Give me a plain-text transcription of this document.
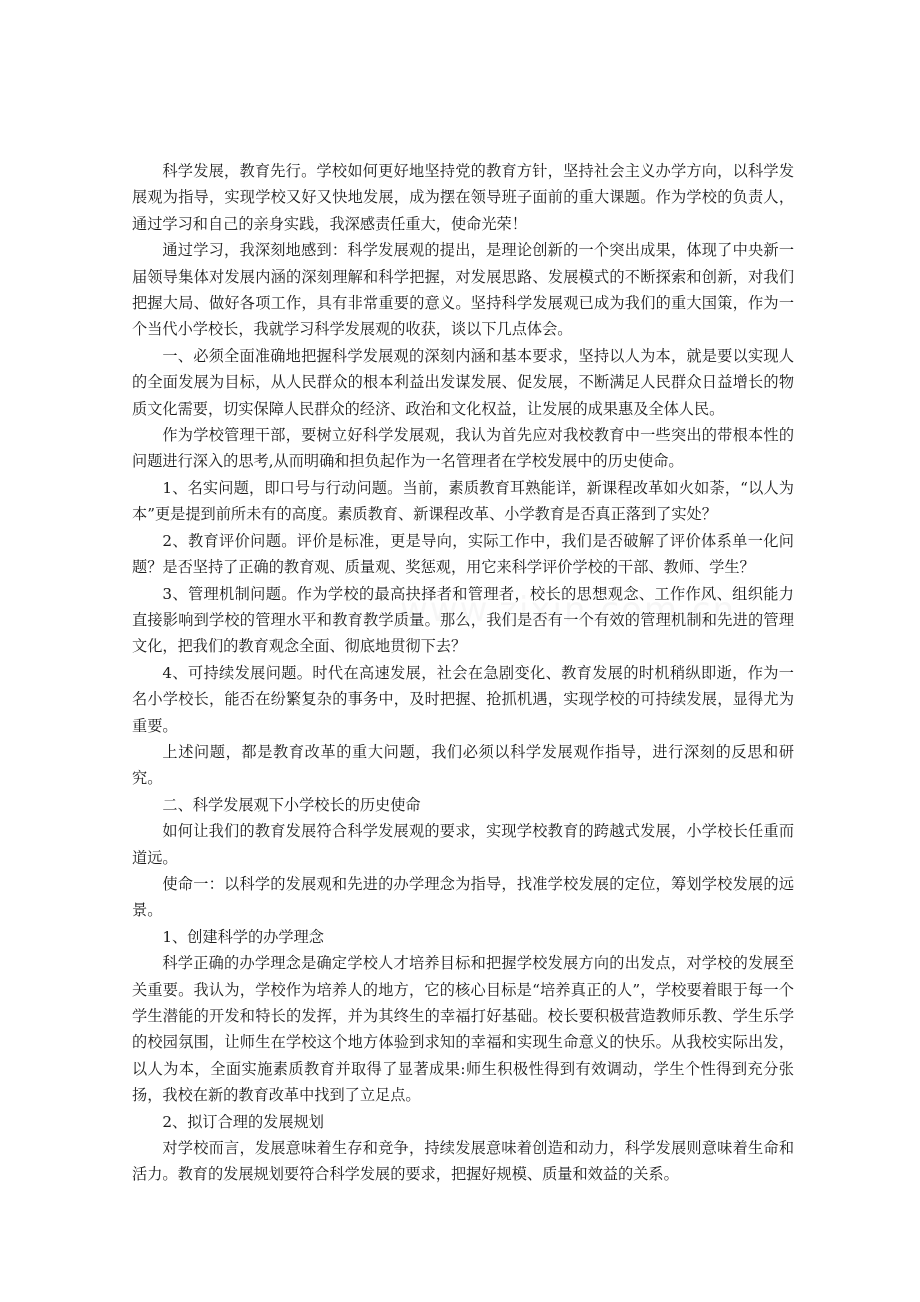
科学发展，教育先行。学校如何更好地坚持党的教育方针，坚持社会主义办学方向，以科学发展观为指导，实现学校又好又快地发展，成为摆在领导班子面前的重大课题。作为学校的负责人，通过学习和自己的亲身实践，我深感责任重大，使命光荣！

通过学习，我深刻地感到：科学发展观的提出，是理论创新的一个突出成果，体现了中央新一届领导集体对发展内涵的深刻理解和科学把握，对发展思路、发展模式的不断探索和创新，对我们把握大局、做好各项工作，具有非常重要的意义。坚持科学发展观已成为我们的重大国策，作为一个当代小学校长，我就学习科学发展观的收获，谈以下几点体会。

一、必须全面准确地把握科学发展观的深刻内涵和基本要求，坚持以人为本，就是要以实现人的全面发展为目标，从人民群众的根本利益出发谋发展、促发展，不断满足人民群众日益增长的物质文化需要，切实保障人民群众的经济、政治和文化权益，让发展的成果惠及全体人民。

作为学校管理干部，要树立好科学发展观，我认为首先应对我校教育中一些突出的带根本性的问题进行深入的思考,从而明确和担负起作为一名管理者在学校发展中的历史使命。

1、名实问题，即口号与行动问题。当前，素质教育耳熟能详，新课程改革如火如荼，“以人为本”更是提到前所未有的高度。素质教育、新课程改革、小学教育是否真正落到了实处？

2、教育评价问题。评价是标准，更是导向，实际工作中，我们是否破解了评价体系单一化问题？是否坚持了正确的教育观、质量观、奖惩观，用它来科学评价学校的干部、教师、学生？

3、管理机制问题。作为学校的最高抉择者和管理者，校长的思想观念、工作作风、组织能力直接影响到学校的管理水平和教育教学质量。那么，我们是否有一个有效的管理机制和先进的管理文化，把我们的教育观念全面、彻底地贯彻下去？

4、可持续发展问题。时代在高速发展，社会在急剧变化、教育发展的时机稍纵即逝，作为一名小学校长，能否在纷繁复杂的事务中，及时把握、抢抓机遇，实现学校的可持续发展，显得尤为重要。

上述问题，都是教育改革的重大问题，我们必须以科学发展观作指导，进行深刻的反思和研究。

二、科学发展观下小学校长的历史使命

如何让我们的教育发展符合科学发展观的要求，实现学校教育的跨越式发展，小学校长任重而道远。

使命一：以科学的发展观和先进的办学理念为指导，找准学校发展的定位，筹划学校发展的远景。

1、创建科学的办学理念

科学正确的办学理念是确定学校人才培养目标和把握学校发展方向的出发点，对学校的发展至关重要。我认为，学校作为培养人的地方，它的核心目标是“培养真正的人”，学校要着眼于每一个学生潜能的开发和特长的发挥，并为其终生的幸福打好基础。校长要积极营造教师乐教、学生乐学的校园氛围，让师生在学校这个地方体验到求知的幸福和实现生命意义的快乐。从我校实际出发，以人为本，全面实施素质教育并取得了显著成果:师生积极性得到有效调动，学生个性得到充分张扬，我校在新的教育改革中找到了立足点。

2、拟订合理的发展规划

对学校而言，发展意味着生存和竞争，持续发展意味着创造和动力，科学发展则意味着生命和活力。教育的发展规划要符合科学发展的要求，把握好规模、质量和效益的关系。
